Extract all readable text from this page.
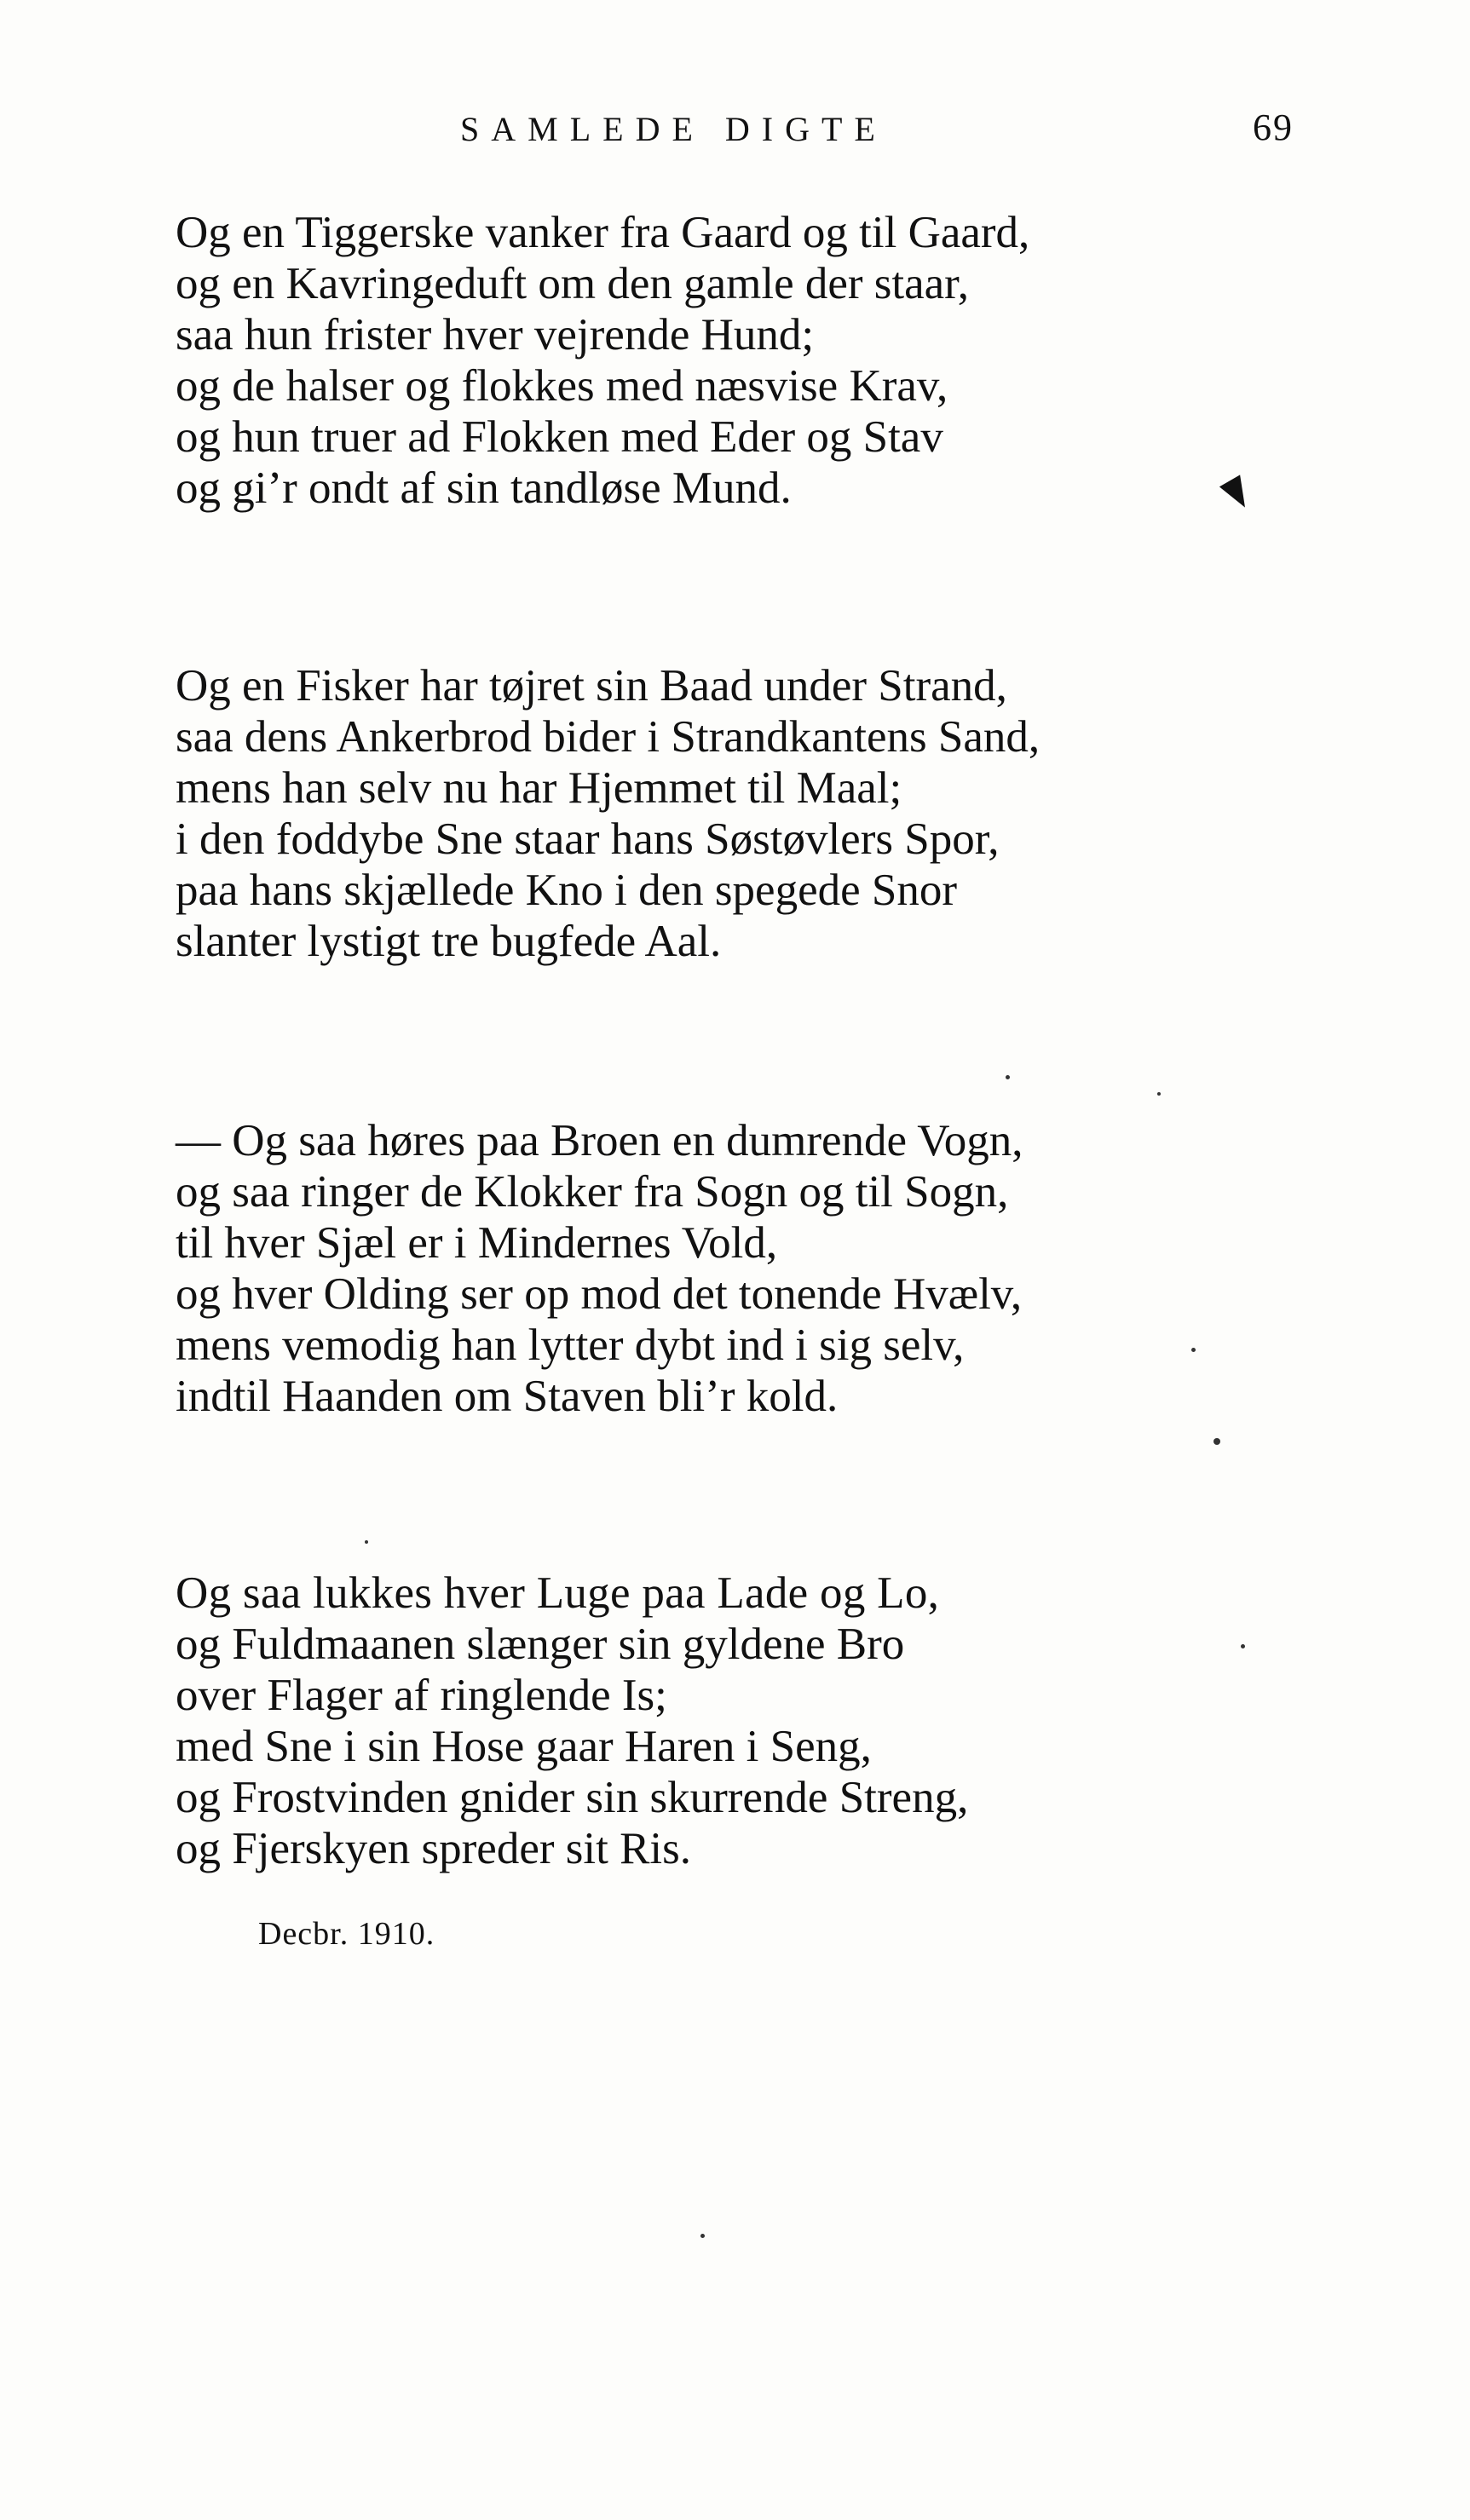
SAMLEDE DIGTE	69
Og en Tiggerske vanker fra Gaard og til Gaard,
og en Kavringeduft om den gamle der staar,
saa hun frister hver vejrende Hund;
og de halser og flokkes med næsvise Krav,
og hun truer ad Flokken med Eder og Stav
og gi’r ondt af sin tandløse Mund.
Og en Fisker har tøjret sin Baad under Strand,
saa dens Ankerbrod bider i Strandkantens Sand,
mens han selv nu har Hjemmet til Maal;
i den foddybe Sne staar hans Søstøvlers Spor,
paa hans skjællede Kno i den spegede Snor
slanter lystigt tre bugfede Aal.
— Og saa høres paa Broen en dumrende Vogn,
og saa ringer de Klokker fra Sogn og til Sogn,
til hver Sjæl er i Mindernes Vold,
og hver Olding ser op mod det tonende Hvælv,
mens vemodig han lytter dybt ind i sig selv,
indtil Haanden om Staven bli’r kold.
Og saa lukkes hver Luge paa Lade og Lo,
og Fuldmaanen slænger sin gyldene Bro
over Flager af ringlende Is;
med Sne i sin Hose gaar Haren i Seng,
og Frostvinden gnider sin skurrende Streng,
og Fjerskyen spreder sit Ris.
Decbr. 1910.
